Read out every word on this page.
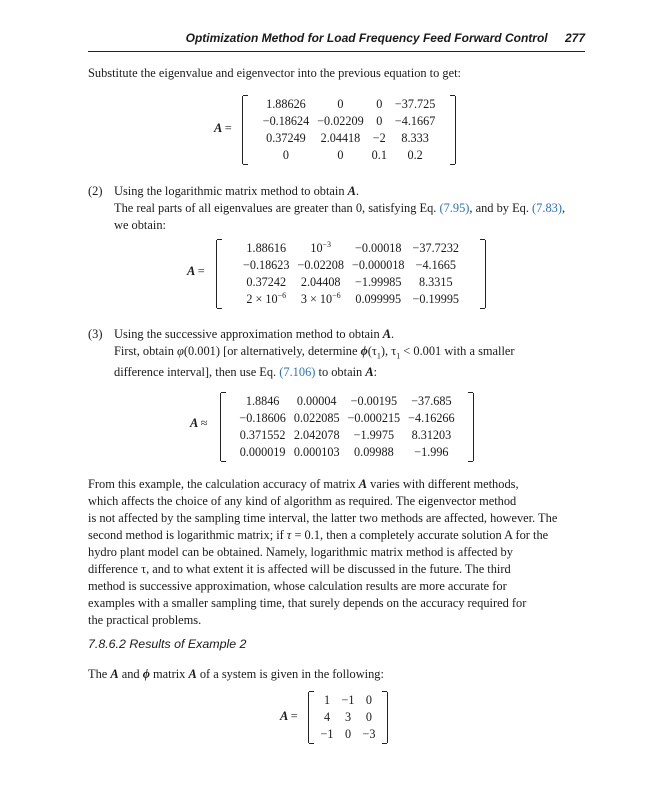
Optimization Method for Load Frequency Feed Forward Control 277
Substitute the eigenvalue and eigenvector into the previous equation to get:
A =
1.88626	0	0	−37.725
−0.18624	−0.02209	0	−4.1667
0.37249	2.04418	−2	8.333
0	0	0.1	0.2
(2) Using the logarithmic matrix method to obtain A.
The real parts of all eigenvalues are greater than 0, satisfying Eq. (7.95), and by Eq. (7.83),
we obtain:
A =
1.88616	$10^{-3}$	−0.00018	−37.7232
−0.18623	−0.02208	−0.000018	−4.1665
0.37242	2.04408	−1.99985	8.3315
$2 \times 10^{-6}$	$3 \times 10^{-6}$	0.099995	−0.19995
(3) Using the successive approximation method to obtain A.
First, obtain φ(0.001) [or alternatively, determine $\phi(\tau_1)$, $\tau_1 < 0.001$ with a smaller
difference interval], then use Eq. (7.106) to obtain A:
A ≈
1.8846	0.00004	−0.00195	−37.685
−0.18606	0.022085	−0.000215	−4.16266
0.371552	2.042078	−1.9975	8.31203
0.000019	0.000103	0.09988	−1.996
From this example, the calculation accuracy of matrix A varies with different methods,
which affects the choice of any kind of algorithm as required. The eigenvector method
is not affected by the sampling time interval, the latter two methods are affected, however. The
second method is logarithmic matrix; if τ = 0.1, then a completely accurate solution A for the
hydro plant model can be obtained. Namely, logarithmic matrix method is affected by
difference τ, and to what extent it is affected will be discussed in the future. The third
method is successive approximation, whose calculation results are more accurate for
examples with a smaller sampling time, that surely depends on the accuracy required for
the practical problems.
7.8.6.2 Results of Example 2
The A and ϕ matrix A of a system is given in the following:
A =
1	−1	0
4	3	0
−1	0	−3
